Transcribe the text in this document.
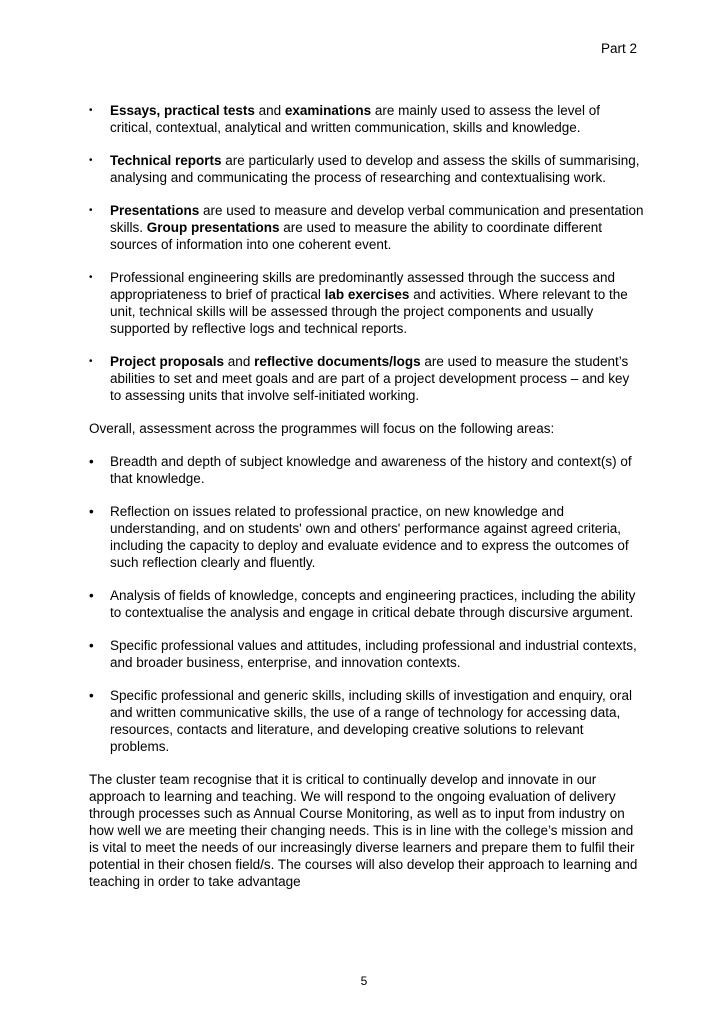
Part 2
•	Essays, practical tests and examinations are mainly used to assess the level of critical, contextual, analytical and written communication, skills and knowledge.
•	Technical reports are particularly used to develop and assess the skills of summarising, analysing and communicating the process of researching and contextualising work.
•	Presentations are used to measure and develop verbal communication and presentation skills. Group presentations are used to measure the ability to coordinate different sources of information into one coherent event.
•	Professional engineering skills are predominantly assessed through the success and appropriateness to brief of practical lab exercises and activities. Where relevant to the unit, technical skills will be assessed through the project components and usually supported by reflective logs and technical reports.
•	Project proposals and reflective documents/logs are used to measure the student’s abilities to set and meet goals and are part of a project development process – and key to assessing units that involve self-initiated working.

Overall, assessment across the programmes will focus on the following areas:

•	Breadth and depth of subject knowledge and awareness of the history and context(s) of that knowledge.
•	Reflection on issues related to professional practice, on new knowledge and understanding, and on students' own and others' performance against agreed criteria, including the capacity to deploy and evaluate evidence and to express the outcomes of such reflection clearly and fluently.
•	Analysis of fields of knowledge, concepts and engineering practices, including the ability to contextualise the analysis and engage in critical debate through discursive argument.
•	Specific professional values and attitudes, including professional and industrial contexts, and broader business, enterprise, and innovation contexts.
•	Specific professional and generic skills, including skills of investigation and enquiry, oral and written communicative skills, the use of a range of technology for accessing data, resources, contacts and literature, and developing creative solutions to relevant problems.

The cluster team recognise that it is critical to continually develop and innovate in our approach to learning and teaching. We will respond to the ongoing evaluation of delivery through processes such as Annual Course Monitoring, as well as to input from industry on how well we are meeting their changing needs. This is in line with the college’s mission and is vital to meet the needs of our increasingly diverse learners and prepare them to fulfil their potential in their chosen field/s. The courses will also develop their approach to learning and teaching in order to take advantage

5
